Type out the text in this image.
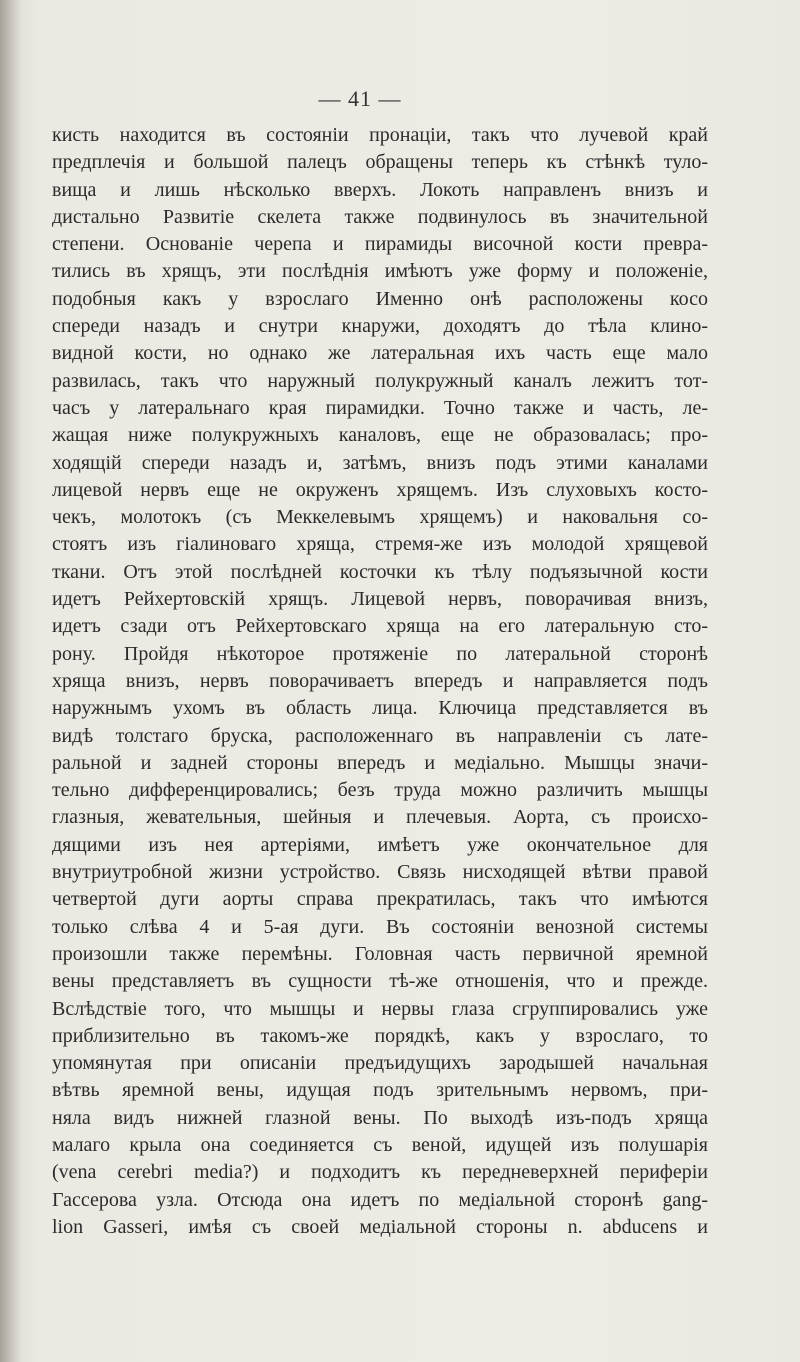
— 41 —
кисть находится въ состояніи пронаціи, такъ что лучевой край
предплечія и большой палецъ обращены теперь къ стѣнкѣ туло-
вища и лишь нѣсколько вверхъ. Локоть направленъ внизъ и
дистально Развитіе скелета также подвинулось въ значительной
степени. Основаніе черепа и пирамиды височной кости превра-
тились въ хрящъ, эти послѣднія имѣютъ уже форму и положеніе,
подобныя какъ у взрослаго Именно онѣ расположены косо
спереди назадъ и снутри кнаружи, доходятъ до тѣла клино-
видной кости, но однако же латеральная ихъ часть еще мало
развилась, такъ что наружный полукружный каналъ лежитъ тот-
часъ у латеральнаго края пирамидки. Точно также и часть, ле-
жащая ниже полукружныхъ каналовъ, еще не образовалась; про-
ходящій спереди назадъ и, затѣмъ, внизъ подъ этими каналами
лицевой нервъ еще не окруженъ хрящемъ. Изъ слуховыхъ косто-
чекъ, молотокъ (съ Меккелевымъ хрящемъ) и наковальня со-
стоятъ изъ гіалиноваго хряща, стремя-же изъ молодой хрящевой
ткани. Отъ этой послѣдней косточки къ тѣлу подъязычной кости
идетъ Рейхертовскій хрящъ. Лицевой нервъ, поворачивая внизъ,
идетъ сзади отъ Рейхертовскаго хряща на его латеральную сто-
рону. Пройдя нѣкоторое протяженіе по латеральной сторонѣ
хряща внизъ, нервъ поворачиваетъ впередъ и направляется подъ
наружнымъ ухомъ въ область лица. Ключица представляется въ
видѣ толстаго бруска, расположеннаго въ направленіи съ лате-
ральной и задней стороны впередъ и медіально. Мышцы значи-
тельно дифференцировались; безъ труда можно различить мышцы
глазныя, жевательныя, шейныя и плечевыя. Аорта, съ происхо-
дящими изъ нея артеріями, имѣетъ уже окончательное для
внутриутробной жизни устройство. Связь нисходящей вѣтви правой
четвертой дуги аорты справа прекратилась, такъ что имѣются
только слѣва 4 и 5-ая дуги. Въ состояніи венозной системы
произошли также перемѣны. Головная часть первичной яремной
вены представляетъ въ сущности тѣ-же отношенія, что и прежде.
Вслѣдствіе того, что мышцы и нервы глаза сгруппировались уже
приблизительно въ такомъ-же порядкѣ, какъ у взрослаго, то
упомянутая при описаніи предъидущихъ зародышей начальная
вѣтвь яремной вены, идущая подъ зрительнымъ нервомъ, при-
няла видъ нижней глазной вены. По выходѣ изъ-подъ хряща
малаго крыла она соединяется съ веной, идущей изъ полушарія
(vena cerebri media?) и подходитъ къ передневерхней периферіи
Гассерова узла. Отсюда она идетъ по медіальной сторонѣ gang-
lion Gasseri, имѣя съ своей медіальной стороны n. abducens и
